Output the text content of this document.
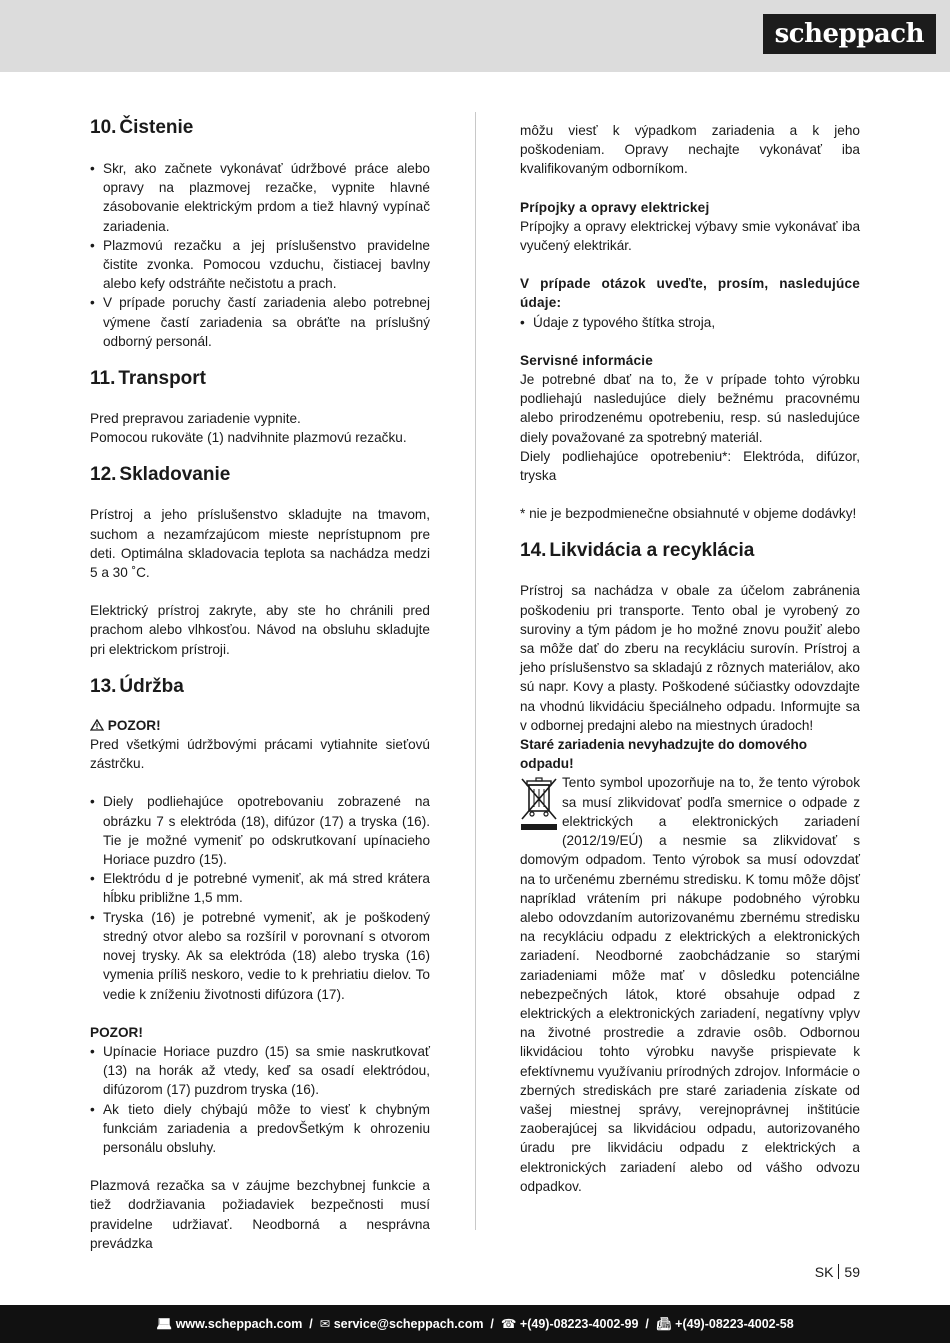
scheppach
10. Čistenie
• Skr, ako začnete vykonávať údržbové práce alebo opravy na plazmovej rezačke, vypnite hlavné zásobovanie elektrickým prdom a tiež hlavný vypínač zariadenia.
• Plazmovú rezačku a jej príslušenstvo pravidelne čistite zvonka. Pomocou vzduchu, čistiacej bavlny alebo kefy odstráňte nečistotu a prach.
• V prípade poruchy častí zariadenia alebo potrebnej výmene častí zariadenia sa obráťte na príslušný odborný personál.
11. Transport

Pred prepravou zariadenie vypnite.

Pomocou rukoväte (1) nadvihnite plazmovú rezačku.

12. Skladovanie

Prístroj a jeho príslušenstvo skladujte na tmavom, suchom a nezamŕzajúcom mieste neprístupnom pre deti. Optimálna skladovacia teplota sa nachádza medzi 5 a 30 ˚C.

Elektrický prístroj zakryte, aby ste ho chránili pred prachom alebo vlhkosťou. Návod na obsluhu skladujte pri elektrickom prístroji.

13. Údržba
POZOR!

Pred všetkými údržbovými prácami vytiahnite sieťovú zástrčku.

• Diely podliehajúce opotrebovaniu zobrazené na obrázku 7 s elektróda (18), difúzor (17) a tryska (16). Tie je možné vymeniť po odskrutkovaní upínacieho Horiace puzdro (15).
• Elektródu d je potrebné vymeniť, ak má stred krátera hĺbku približne 1,5 mm.
• Tryska (16) je potrebné vymeniť, ak je poškodený stredný otvor alebo sa rozšíril v porovnaní s otvorom novej trysky. Ak sa elektróda (18) alebo tryska (16) vymenia príliš neskoro, vedie to k prehriatiu dielov. To vedie k zníženiu životnosti difúzora (17).
POZOR!
• Upínacie Horiace puzdro (15) sa smie naskrutkovať (13) na horák až vtedy, keď sa osadí elektródou, difúzorom (17) puzdrom tryska (16).
• Ak tieto diely chýbajú môže to viesť k chybným funkciám zariadenia a predovŠetkým k ohrozeniu personálu obsluhy.

Plazmová rezačka sa v záujme bezchybnej funkcie a tiež dodržiavania požiadaviek bezpečnosti musí pravidelne udržiavať. Neodborná a nesprávna prevádzka

môžu viesť k výpadkom zariadenia a k jeho poškodeniam. Opravy nechajte vykonávať iba kvalifikovaným odborníkom.

Prípojky a opravy elektrickej

Prípojky a opravy elektrickej výbavy smie vykonávať iba vyučený elektrikár.

V prípade otázok uveďte, prosím, nasledujúce údaje:
• Údaje z typového štítka stroja,
Servisné informácie

Je potrebné dbať na to, že v prípade tohto výrobku podliehajú nasledujúce diely bežnému pracovnému alebo prirodzenému opotrebeniu, resp. sú nasledujúce diely považované za spotrebný materiál.

Diely podliehajúce opotrebeniu*: Elektróda, difúzor, tryska

* nie je bezpodmienečne obsiahnuté v objeme dodávky!

14. Likvidácia a recyklácia

Prístroj sa nachádza v obale za účelom zabránenia poškodeniu pri transporte. Tento obal je vyrobený zo suroviny a tým pádom je ho možné znovu použiť alebo sa môže dať do zberu na recykláciu surovín. Prístroj a jeho príslušenstvo sa skladajú z rôznych materiálov, ako sú napr. Kovy a plasty. Poškodené súčiastky odovzdajte na vhodnú likvidáciu špeciálneho odpadu. Informujte sa v odbornej predajni alebo na miestnych úradoch!

Staré zariadenia nevyhadzujte do domového odpadu!
Tento symbol upozorňuje na to, že tento výrobok sa musí zlikvidovať podľa smernice o odpade z elektrických a elektronických zariadení (2012/19/EÚ) a nesmie sa zlikvidovať s domovým odpadom. Tento výrobok sa musí odovzdať na to určenému zbernému stredisku. K tomu môže dôjsť napríklad vrátením pri nákupe podobného výrobku alebo odovzdaním autorizovanému zbernému stredisku na recykláciu odpadu z elektrických a elektronických zariadení. Neodborné zaobchádzanie so starými zariadeniami môže mať v dôsledku potenciálne nebezpečných látok, ktoré obsahuje odpad z elektrických a elektronických zariadení, negatívny vplyv na životné prostredie a zdravie osôb. Odbornou likvidáciou tohto výrobku navyše prispievate k efektívnemu využívaniu prírodných zdrojov. Informácie o zberných strediskách pre staré zariadenia získate od vašej miestnej správy, verejnoprávnej inštitúcie zaoberajúcej sa likvidáciou odpadu, autorizovaného úradu pre likvidáciu odpadu z elektrických a elektronických zariadení alebo od vášho odvozu odpadkov.
SK 59
💻︎ www.scheppach.com  /  ✉︎ service@scheppach.com  /  ☎︎ +(49)-08223-4002-99  /  📠︎ +(49)-08223-4002-58
